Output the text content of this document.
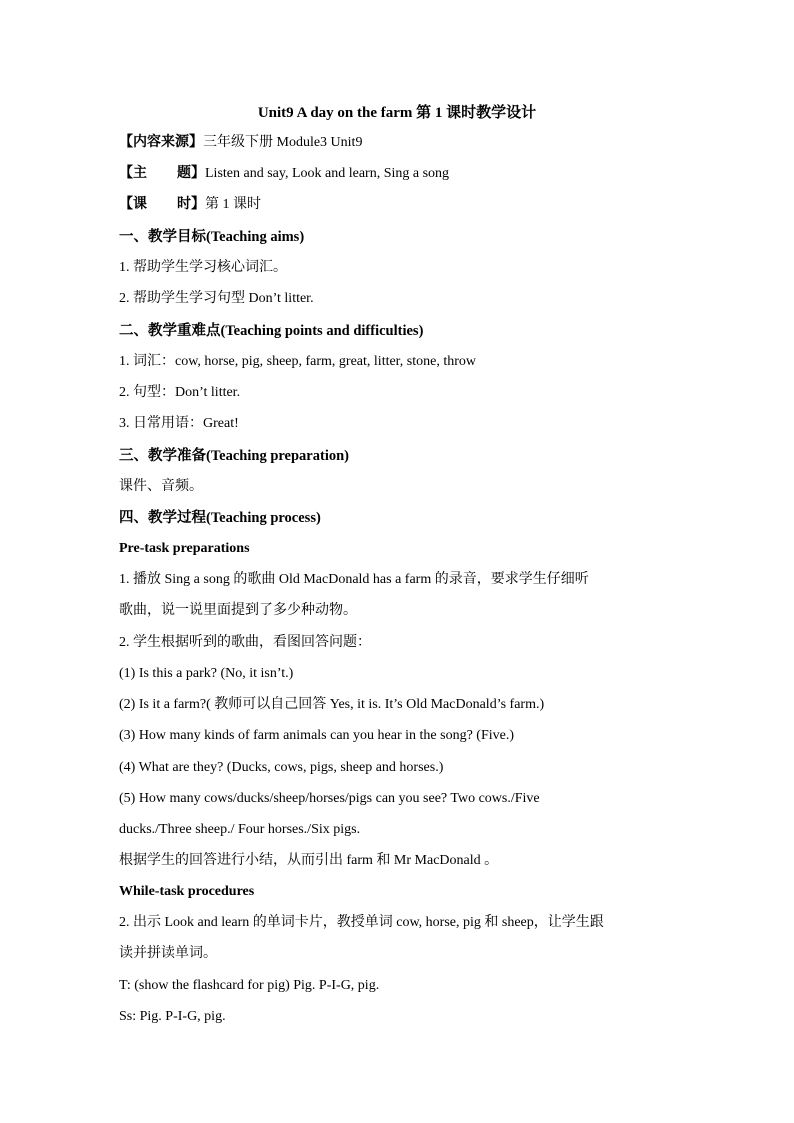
Unit9 A day on the farm 第 1 课时教学设计
【内容来源】三年级下册 Module3 Unit9
【主 题】Listen and say, Look and learn, Sing a song
【课 时】第 1 课时
一、教学目标(Teaching aims)
1. 帮助学生学习核心词汇。
2. 帮助学生学习句型 Don’t litter.
二、教学重难点(Teaching points and difficulties)
1. 词汇：cow, horse, pig, sheep, farm, great, litter, stone, throw
2. 句型：Don’t litter.
3. 日常用语：Great!
三、教学准备(Teaching preparation)
课件、音频。
四、教学过程(Teaching process)
Pre-task preparations
1. 播放 Sing a song 的歌曲 Old MacDonald has a farm 的录音，要求学生仔细听
歌曲，说一说里面提到了多少种动物。
2. 学生根据听到的歌曲，看图回答问题：
(1) Is this a park? (No, it isn’t.)
(2) Is it a farm?( 教师可以自己回答 Yes, it is. It’s Old MacDonald’s farm.)
(3) How many kinds of farm animals can you hear in the song? (Five.)
(4) What are they? (Ducks, cows, pigs, sheep and horses.)
(5) How many cows/ducks/sheep/horses/pigs can you see? Two cows./Five
ducks./Three sheep./ Four horses./Six pigs.
根据学生的回答进行小结，从而引出 farm 和 Mr MacDonald 。
While-task procedures
2. 出示 Look and learn 的单词卡片，教授单词 cow, horse, pig 和 sheep，让学生跟
读并拼读单词。
T: (show the flashcard for pig) Pig. P-I-G, pig.
Ss: Pig. P-I-G, pig.
